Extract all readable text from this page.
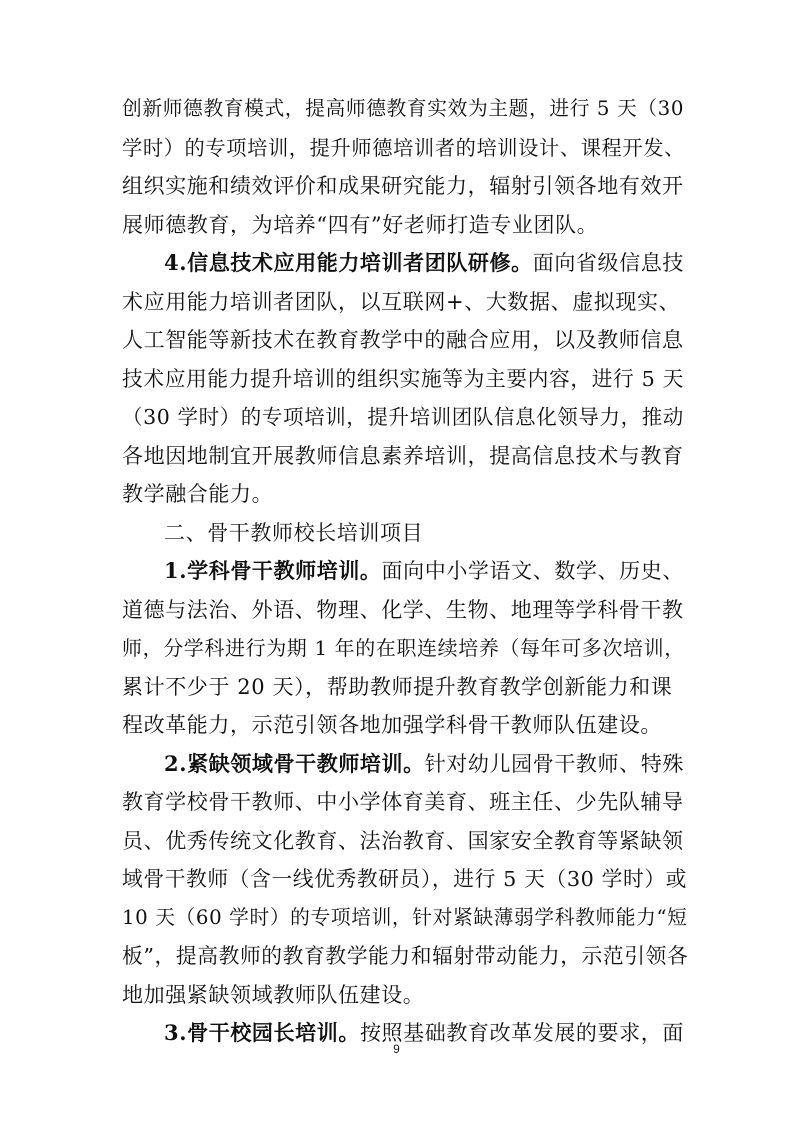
创新师德教育模式，提高师德教育实效为主题，进行 5 天（30
学时）的专项培训，提升师德培训者的培训设计、课程开发、
组织实施和绩效评价和成果研究能力，辐射引领各地有效开
展师德教育，为培养“四有”好老师打造专业团队。
4.信息技术应用能力培训者团队研修。面向省级信息技
术应用能力培训者团队，以互联网+、大数据、虚拟现实、
人工智能等新技术在教育教学中的融合应用，以及教师信息
技术应用能力提升培训的组织实施等为主要内容，进行 5 天
（30 学时）的专项培训，提升培训团队信息化领导力，推动
各地因地制宜开展教师信息素养培训，提高信息技术与教育
教学融合能力。
二、骨干教师校长培训项目
1.学科骨干教师培训。面向中小学语文、数学、历史、
道德与法治、外语、物理、化学、生物、地理等学科骨干教
师，分学科进行为期 1 年的在职连续培养（每年可多次培训，
累计不少于 20 天），帮助教师提升教育教学创新能力和课
程改革能力，示范引领各地加强学科骨干教师队伍建设。
2.紧缺领域骨干教师培训。针对幼儿园骨干教师、特殊
教育学校骨干教师、中小学体育美育、班主任、少先队辅导
员、优秀传统文化教育、法治教育、国家安全教育等紧缺领
域骨干教师（含一线优秀教研员），进行 5 天（30 学时）或
10 天（60 学时）的专项培训，针对紧缺薄弱学科教师能力“短
板”，提高教师的教育教学能力和辐射带动能力，示范引领各
地加强紧缺领域教师队伍建设。
3.骨干校园长培训。按照基础教育改革发展的要求，面
9
